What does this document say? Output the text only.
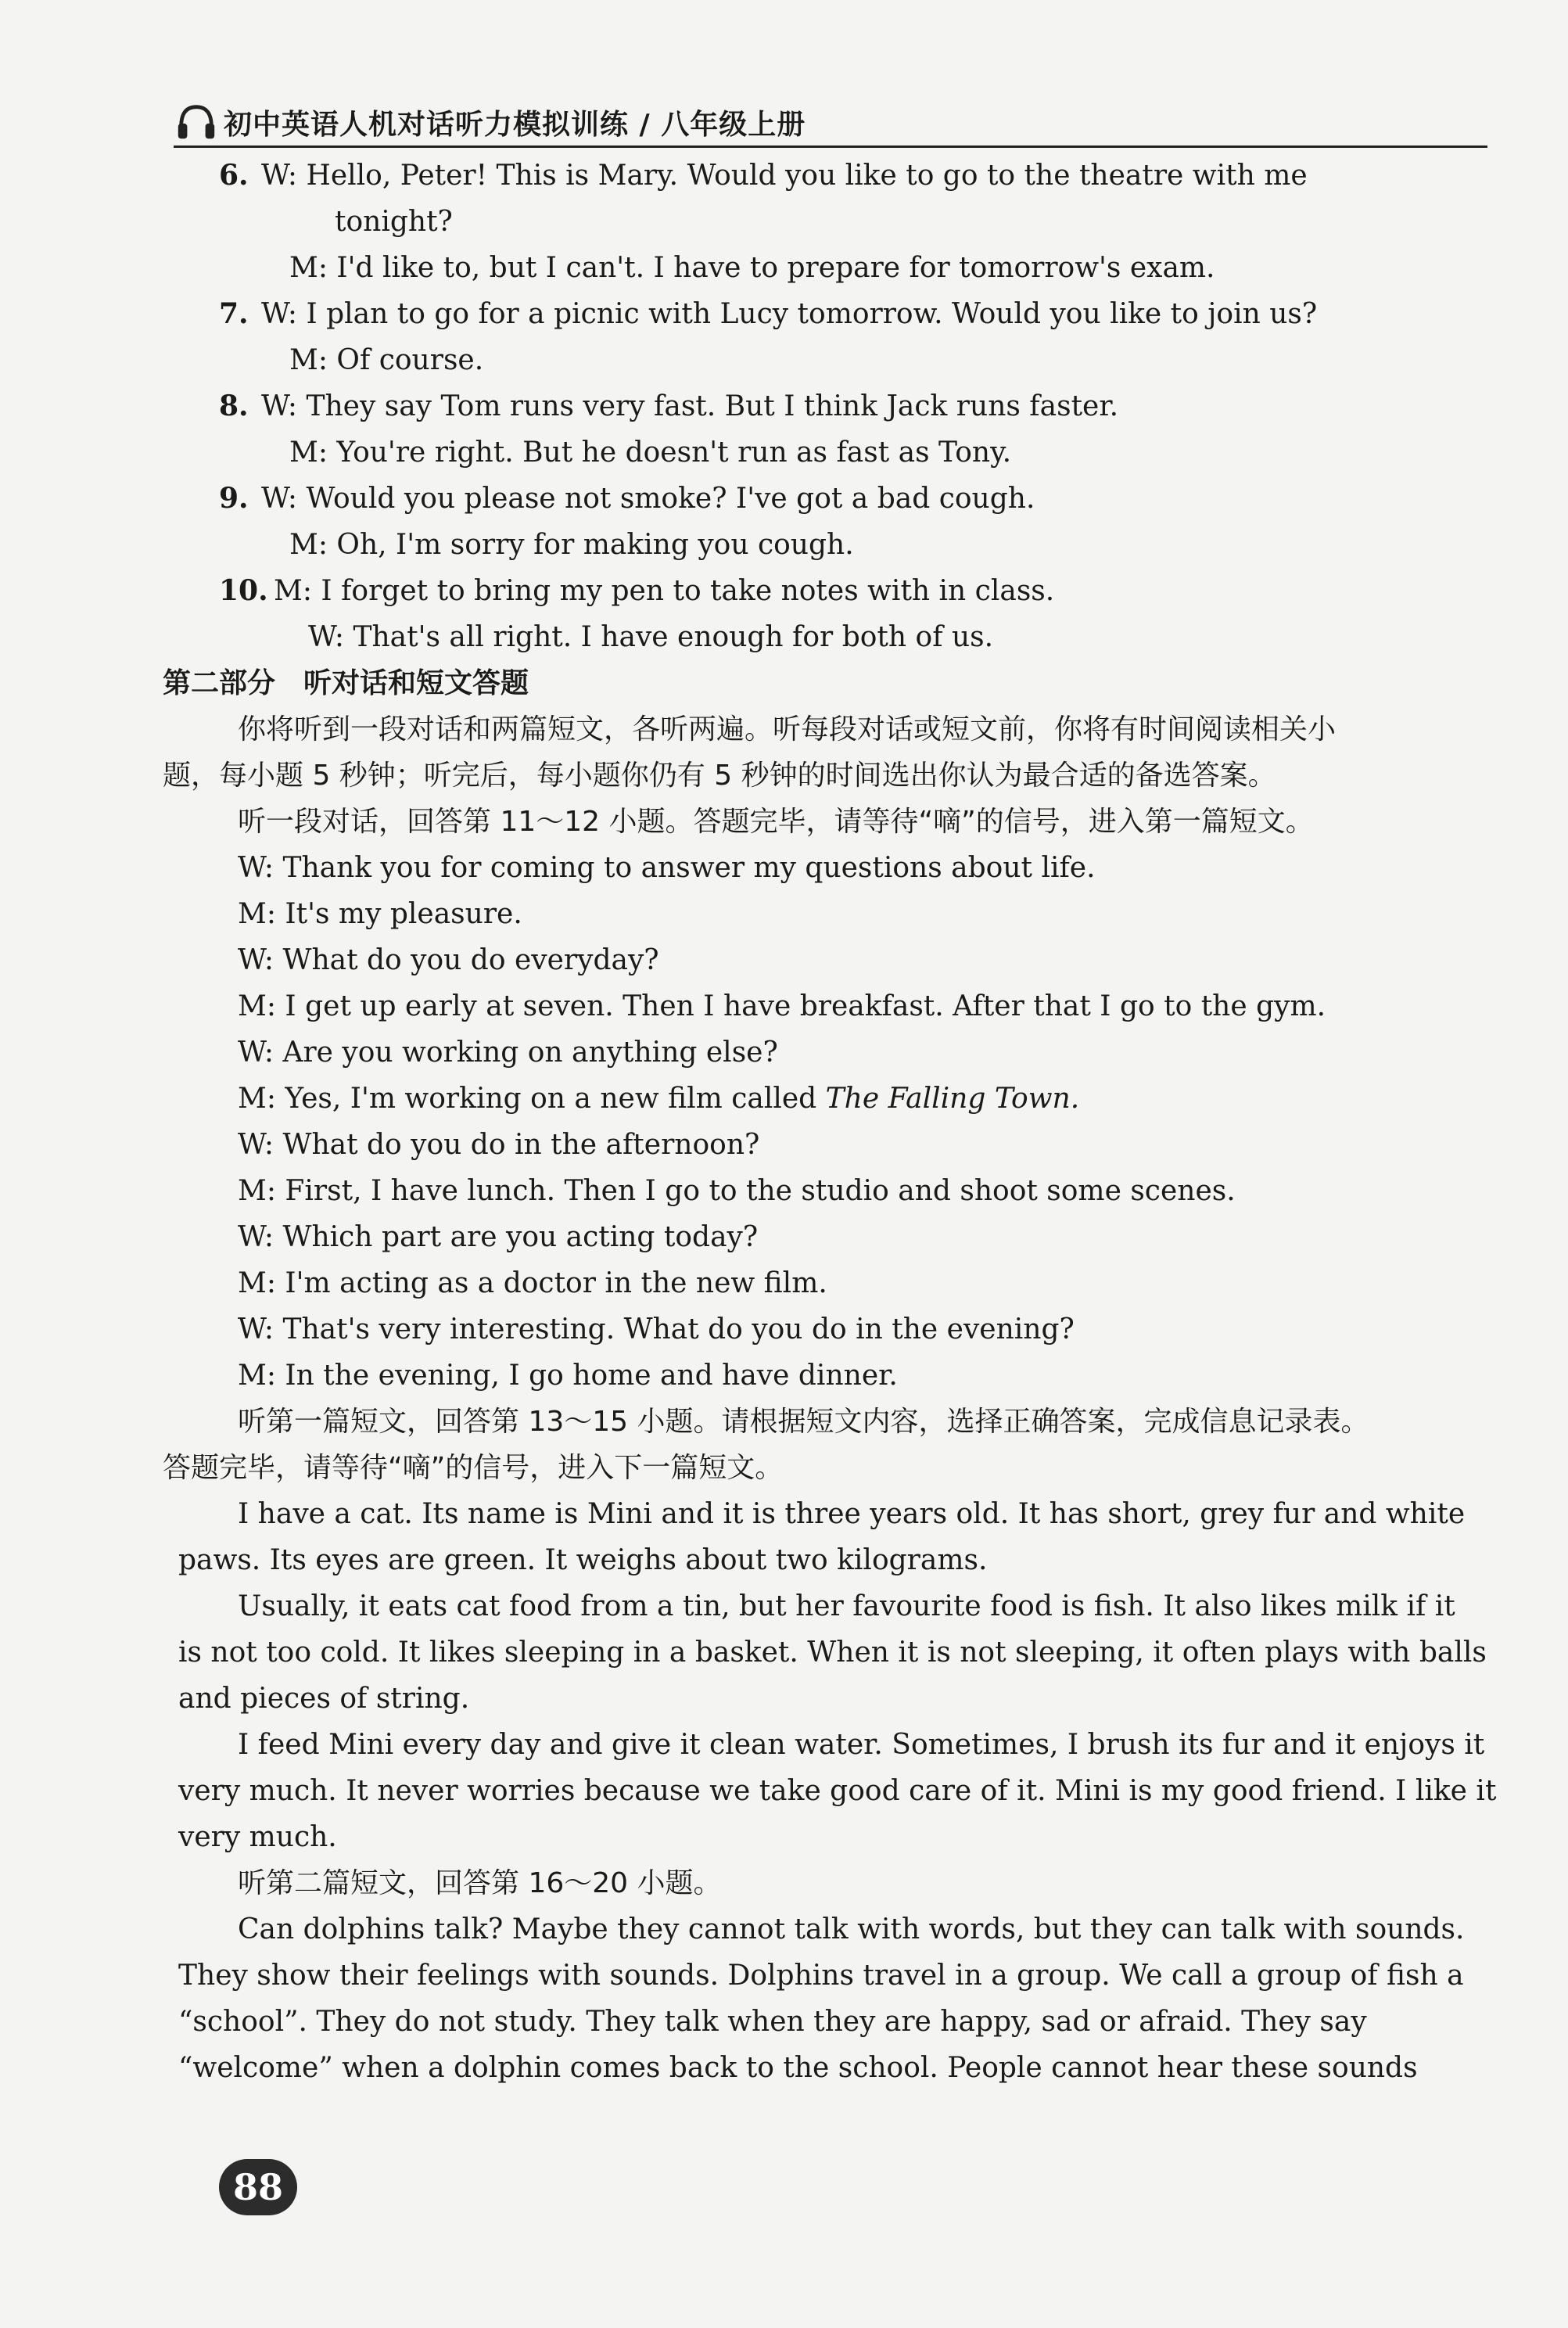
初中英语人机对话听力模拟训练 / 八年级上册
6. W: Hello, Peter! This is Mary. Would you like to go to the theatre with me
tonight?
M: I'd like to, but I can't. I have to prepare for tomorrow's exam.
7. W: I plan to go for a picnic with Lucy tomorrow. Would you like to join us?
M: Of course.
8. W: They say Tom runs very fast. But I think Jack runs faster.
M: You're right. But he doesn't run as fast as Tony.
9. W: Would you please not smoke? I've got a bad cough.
M: Oh, I'm sorry for making you cough.
10. M: I forget to bring my pen to take notes with in class.
W: That's all right. I have enough for both of us.
第二部分　听对话和短文答题
你将听到一段对话和两篇短文，各听两遍。听每段对话或短文前，你将有时间阅读相关小
题，每小题 5 秒钟；听完后，每小题你仍有 5 秒钟的时间选出你认为最合适的备选答案。
听一段对话，回答第 11～12 小题。答题完毕，请等待“嘀”的信号，进入第一篇短文。
W: Thank you for coming to answer my questions about life.
M: It's my pleasure.
W: What do you do everyday?
M: I get up early at seven. Then I have breakfast. After that I go to the gym.
W: Are you working on anything else?
M: Yes, I'm working on a new film called The Falling Town.
W: What do you do in the afternoon?
M: First, I have lunch. Then I go to the studio and shoot some scenes.
W: Which part are you acting today?
M: I'm acting as a doctor in the new film.
W: That's very interesting. What do you do in the evening?
M: In the evening, I go home and have dinner.
听第一篇短文，回答第 13～15 小题。请根据短文内容，选择正确答案，完成信息记录表。
答题完毕，请等待“嘀”的信号，进入下一篇短文。
I have a cat. Its name is Mini and it is three years old. It has short, grey fur and white
paws. Its eyes are green. It weighs about two kilograms.
Usually, it eats cat food from a tin, but her favourite food is fish. It also likes milk if it
is not too cold. It likes sleeping in a basket. When it is not sleeping, it often plays with balls
and pieces of string.
I feed Mini every day and give it clean water. Sometimes, I brush its fur and it enjoys it
very much. It never worries because we take good care of it. Mini is my good friend. I like it
very much.
听第二篇短文，回答第 16～20 小题。
Can dolphins talk? Maybe they cannot talk with words, but they can talk with sounds.
They show their feelings with sounds. Dolphins travel in a group. We call a group of fish a
“school”. They do not study. They talk when they are happy, sad or afraid. They say
“welcome” when a dolphin comes back to the school. People cannot hear these sounds
88
